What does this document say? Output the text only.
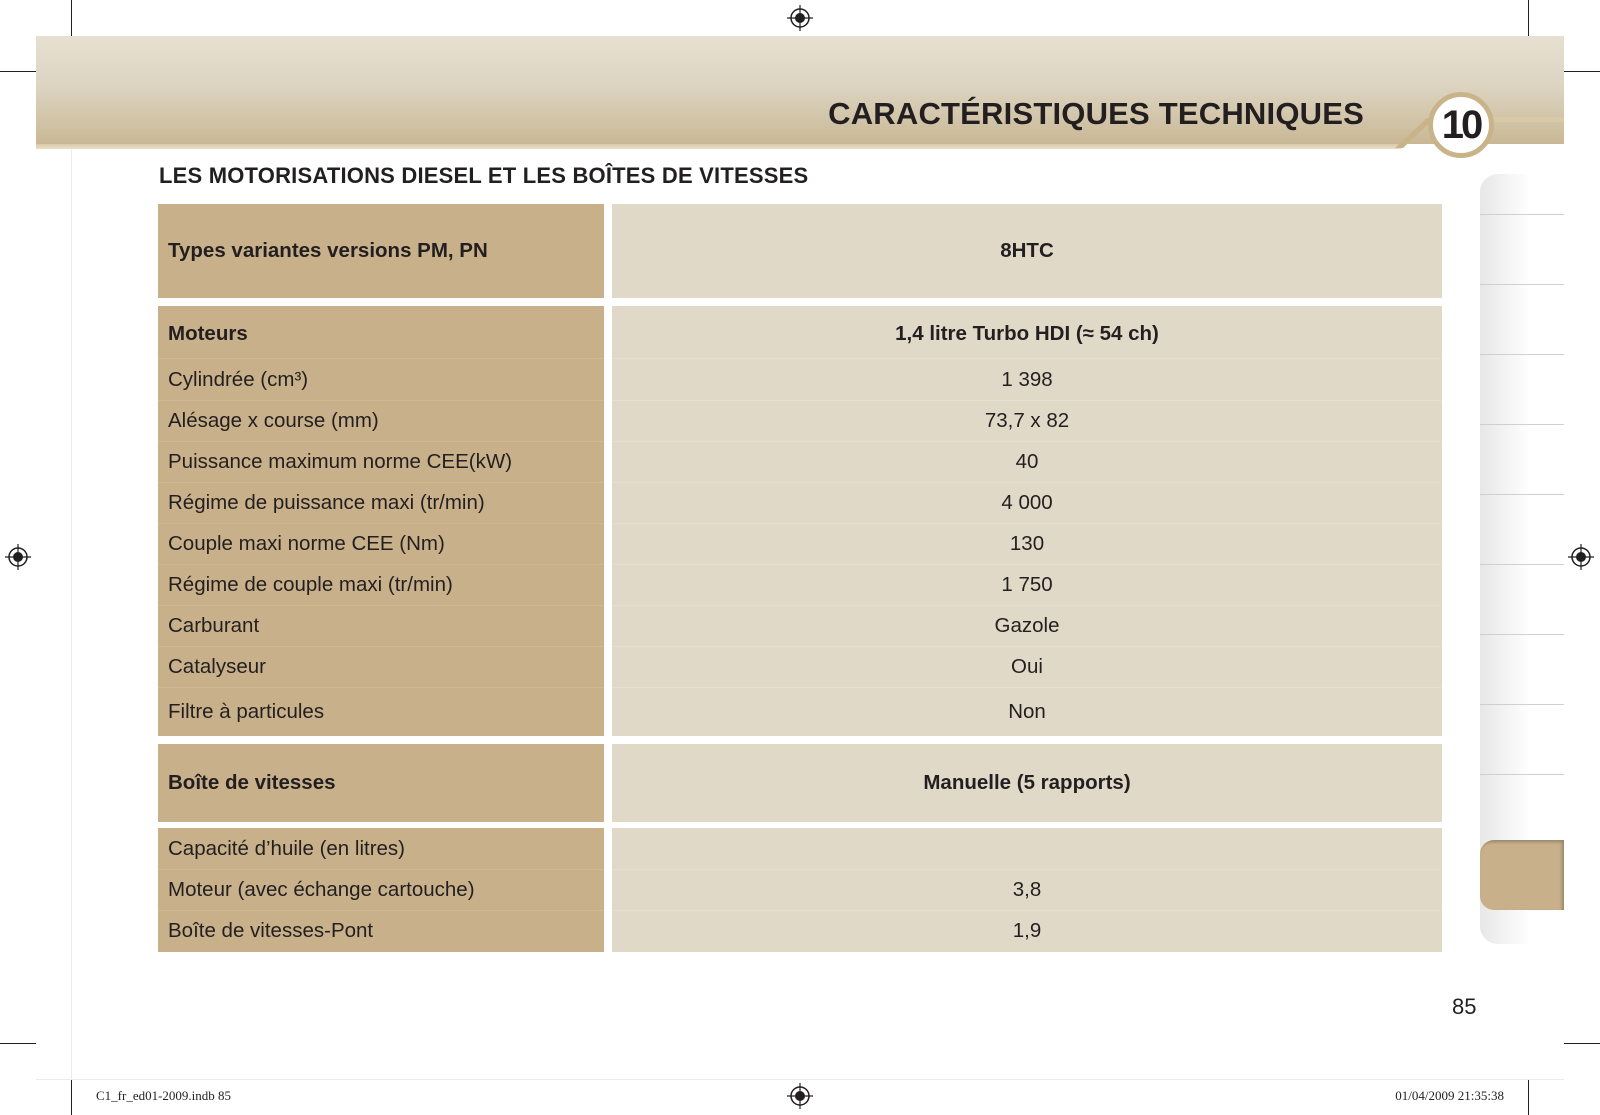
CARACTÉRISTIQUES TECHNIQUES	10
LES MOTORISATIONS DIESEL ET LES BOÎTES DE VITESSES
Types variantes versions PM, PN	8HTC
Moteurs	1,4 litre Turbo HDI (≈ 54 ch)
Cylindrée (cm³)	1 398
Alésage x course (mm)	73,7 x 82
Puissance maximum norme CEE(kW)	40
Régime de puissance maxi (tr/min)	4 000
Couple maxi norme CEE (Nm)	130
Régime de couple maxi (tr/min)	1 750
Carburant	Gazole
Catalyseur	Oui
Filtre à particules	Non
Boîte de vitesses	Manuelle (5 rapports)
Capacité d’huile (en litres)
Moteur (avec échange cartouche)	3,8
Boîte de vitesses-Pont	1,9
85
C1_fr_ed01-2009.indb 85	01/04/2009 21:35:38
